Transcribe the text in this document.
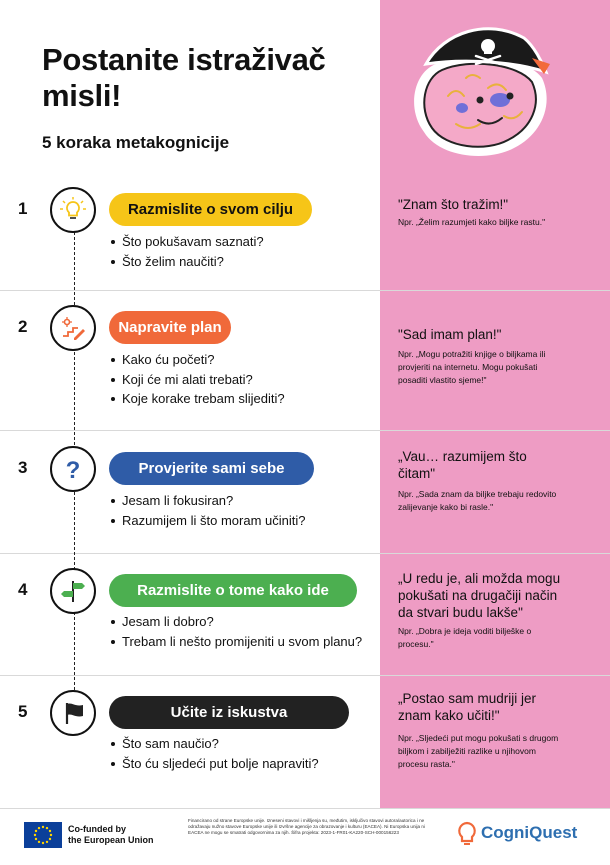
Postanite istraživač misli!
5 koraka metakognicije
1	Razmislite o svom cilju
Što pokušavam saznati?
Što želim naučiti?
"Znam što tražim!"
Npr. „Želim razumjeti kako biljke rastu."
2	Napravite plan
Kako ću početi?
Koji će mi alati trebati?
Koje korake trebam slijediti?
"Sad imam plan!"
Npr. „Mogu potražiti knjige o biljkama ili provjeriti na internetu. Mogu pokušati posaditi vlastito sjeme!"
3 ?	Provjerite sami sebe
Jesam li fokusiran?
Razumijem li što moram učiniti?
„Vau… razumijem što čitam"
Npr. „Sada znam da biljke trebaju redovito zalijevanje kako bi rasle."
4	Razmislite o tome kako ide
Jesam li dobro?
Trebam li nešto promijeniti u svom planu?
„U redu je, ali možda mogu pokušati na drugačiji način da stvari budu lakše"
Npr. „Dobra je ideja voditi bilješke o procesu."
5	Učite iz iskustva
Što sam naučio?
Što ću sljedeći put bolje napraviti?
„Postao sam mudriji jer znam kako učiti!"
Npr. „Sljedeći put mogu pokušati s drugom biljkom i zabilježiti razlike u njihovom procesu rasta."
Co-funded by
the European Union
Financirano od strane Europske unije. Izneseni stavovi i mišljenja su, međutim, isključivo stavovi autora/autorica i ne odražavaju nužno stavove Europske unije ili Izvršne agencije za obrazovanje i kulturu (EACEA). Ni Europska unija ni EACEA ne mogu se smatrati odgovornima za njih. Šifra projekta: 2023-1-FR01-KA220-SCH-000156223	CogniQuest
